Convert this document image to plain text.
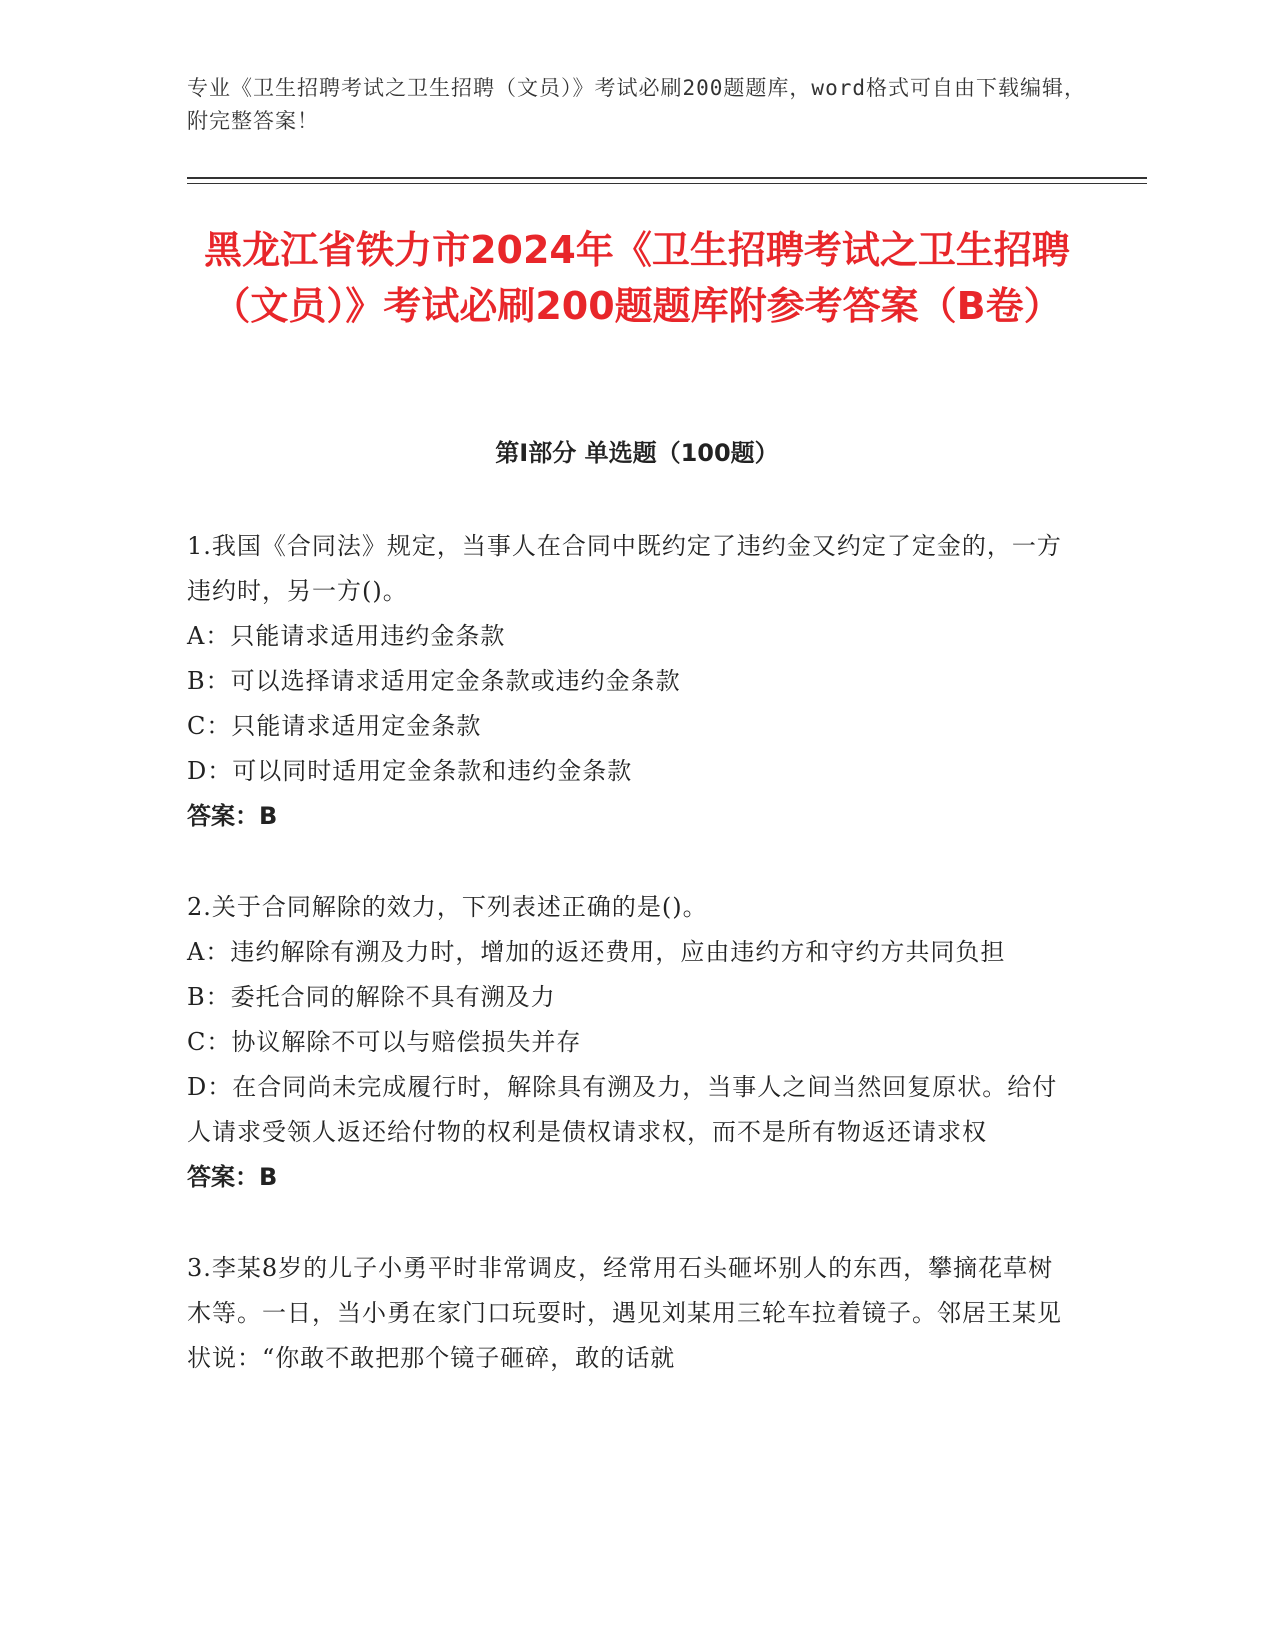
专业《卫生招聘考试之卫生招聘（文员）》考试必刷200题题库，word格式可自由下载编辑，附完整答案！
黑龙江省铁力市2024年《卫生招聘考试之卫生招聘（文员）》考试必刷200题题库附参考答案（B卷）
第Ⅰ部分 单选题（100题）

1.我国《合同法》规定，当事人在合同中既约定了违约金又约定了定金的，一方违约时，另一方()。

A：只能请求适用违约金条款

B：可以选择请求适用定金条款或违约金条款

C：只能请求适用定金条款

D：可以同时适用定金条款和违约金条款

答案：B

2.关于合同解除的效力，下列表述正确的是()。

A：违约解除有溯及力时，增加的返还费用，应由违约方和守约方共同负担

B：委托合同的解除不具有溯及力

C：协议解除不可以与赔偿损失并存

D：在合同尚未完成履行时，解除具有溯及力，当事人之间当然回复原状。给付人请求受领人返还给付物的权利是债权请求权，而不是所有物返还请求权

答案：B

3.李某8岁的儿子小勇平时非常调皮，经常用石头砸坏别人的东西，攀摘花草树木等。一日，当小勇在家门口玩耍时，遇见刘某用三轮车拉着镜子。邻居王某见状说：“你敢不敢把那个镜子砸碎，敢的话就
